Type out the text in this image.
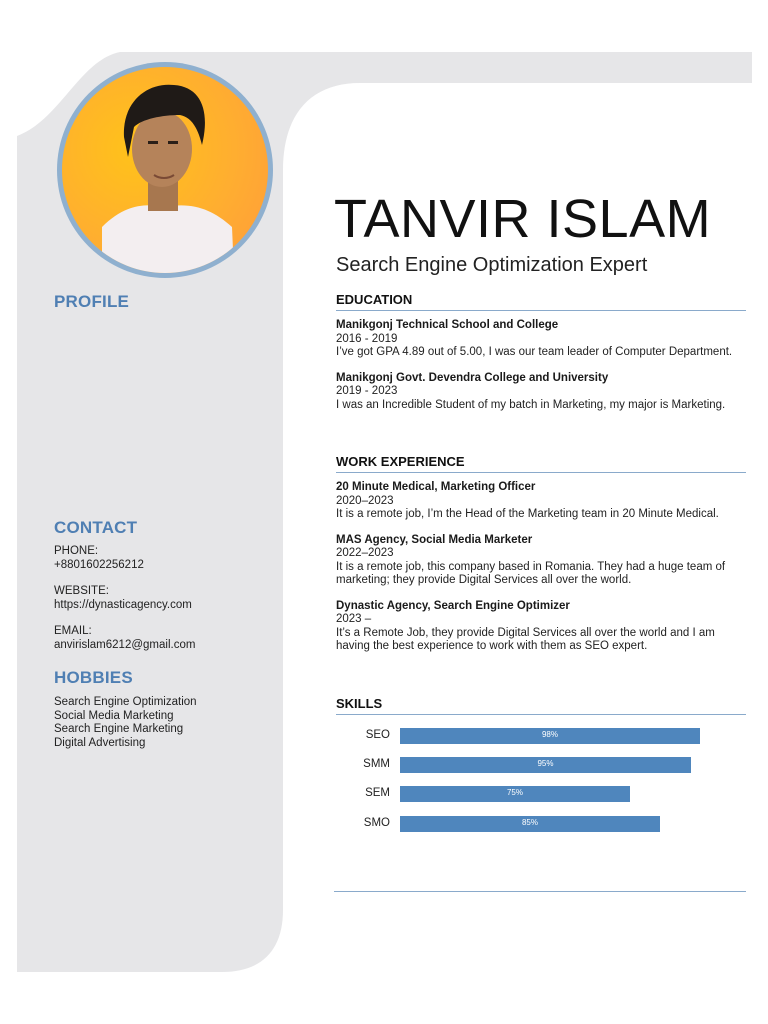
PROFILE
CONTACT
PHONE:
+8801602256212
WEBSITE:
https://dynasticagency.com
EMAIL:
anvirislam6212@gmail.com
HOBBIES
Search Engine Optimization
Social Media Marketing
Search Engine Marketing
Digital Advertising
TANVIR ISLAM
Search Engine Optimization Expert
EDUCATION
Manikgonj Technical School and College
2016 - 2019
I’ve got GPA 4.89 out of 5.00, I was our team leader of Computer Department.
Manikgonj Govt. Devendra College and University
2019 - 2023
I was an Incredible Student of my batch in Marketing, my major is Marketing.
WORK EXPERIENCE
20 Minute Medical, Marketing Officer
2020–2023
It is a remote job, I’m the Head of the Marketing team in 20 Minute Medical.
MAS Agency, Social Media Marketer
2022–2023
It is a remote job, this company based in Romania. They had a huge team of marketing; they provide Digital Services all over the world.
Dynastic Agency, Search Engine Optimizer
2023 –
It’s a Remote Job, they provide Digital Services all over the world and I am having the best experience to work with them as SEO expert.
SKILLS
SEO	98%
SMM	95%
SEM	75%
SMO	85%
